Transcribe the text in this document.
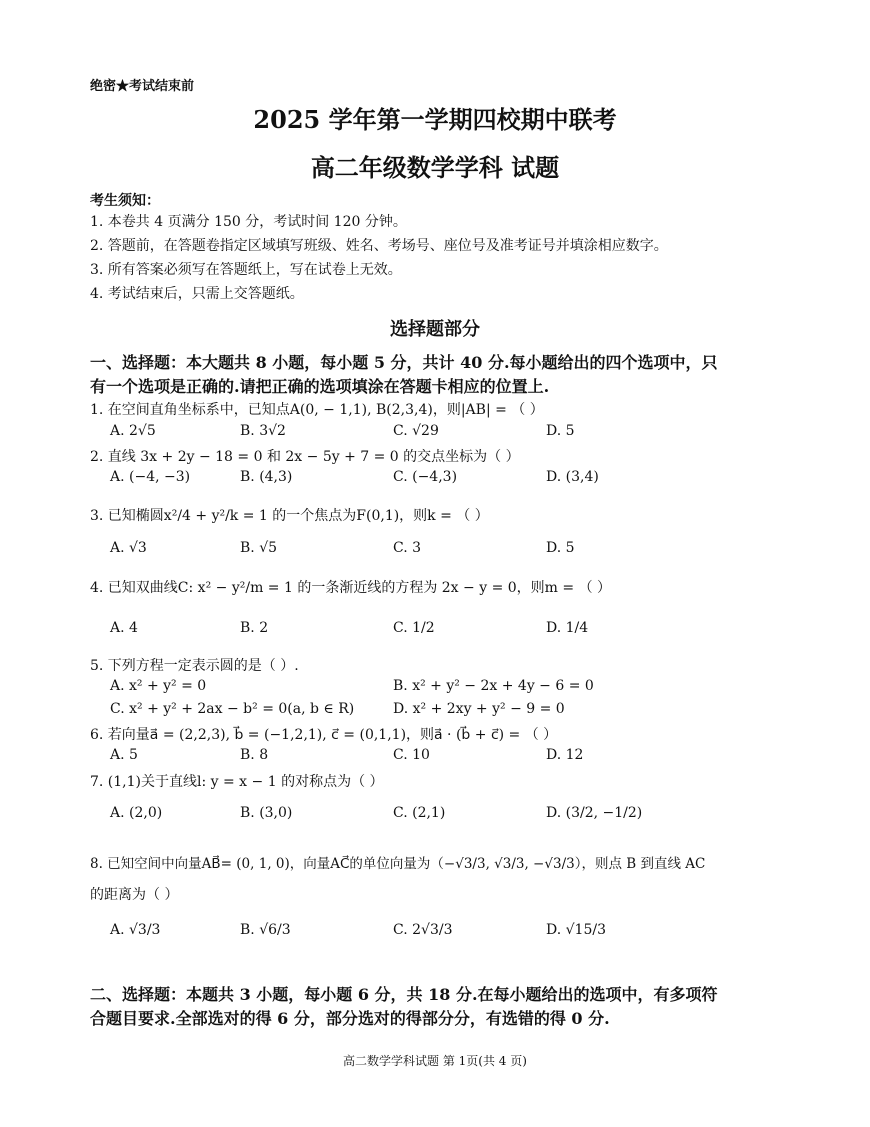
绝密★考试结束前
2025 学年第一学期四校期中联考
高二年级数学学科 试题
考生须知：
1. 本卷共 4 页满分 150 分，考试时间 120 分钟。
2. 答题前，在答题卷指定区域填写班级、姓名、考场号、座位号及准考证号并填涂相应数字。
3. 所有答案必须写在答题纸上，写在试卷上无效。
4. 考试结束后，只需上交答题纸。
选择题部分
一、选择题：本大题共 8 小题，每小题 5 分，共计 40 分.每小题给出的四个选项中，只
有一个选项是正确的.请把正确的选项填涂在答题卡相应的位置上.
1. 在空间直角坐标系中，已知点A(0, − 1,1), B(2,3,4)，则|AB| = （ ）
A. 2√5	B. 3√2	C. √29	D. 5
2. 直线 3x + 2y − 18 = 0 和 2x − 5y + 7 = 0 的交点坐标为（ ）
A. (−4, −3)	B. (4,3)	C. (−4,3)	D. (3,4)
3. 已知椭圆x²/4 + y²/k = 1 的一个焦点为F(0,1)，则k = （ ）
A. √3	B. √5	C. 3	D. 5
4. 已知双曲线C: x² − y²/m = 1 的一条渐近线的方程为 2x − y = 0，则m = （ ）
A. 4	B. 2	C. 1/2	D. 1/4
5. 下列方程一定表示圆的是（ ）.
A. x² + y² = 0	B. x² + y² − 2x + 4y − 6 = 0
C. x² + y² + 2ax − b² = 0(a, b ∈ R)	D. x² + 2xy + y² − 9 = 0
6. 若向量a⃗ = (2,2,3), b⃗ = (−1,2,1), c⃗ = (0,1,1)，则a⃗ · (b⃗ + c⃗) = （ ）
A. 5	B. 8	C. 10	D. 12
7. (1,1)关于直线l: y = x − 1 的对称点为（ ）
A. (2,0)	B. (3,0)	C. (2,1)	D. (3/2, −1/2)
8. 已知空间中向量AB⃗= (0, 1, 0)，向量AC⃗的单位向量为（−√3/3, √3/3, −√3/3），则点 B 到直线 AC
的距离为（ ）
A. √3/3	B. √6/3	C. 2√3/3	D. √15/3
二、选择题：本题共 3 小题，每小题 6 分，共 18 分.在每小题给出的选项中，有多项符
合题目要求.全部选对的得 6 分，部分选对的得部分分，有选错的得 0 分.
高二数学学科试题 第 1页(共 4 页)
